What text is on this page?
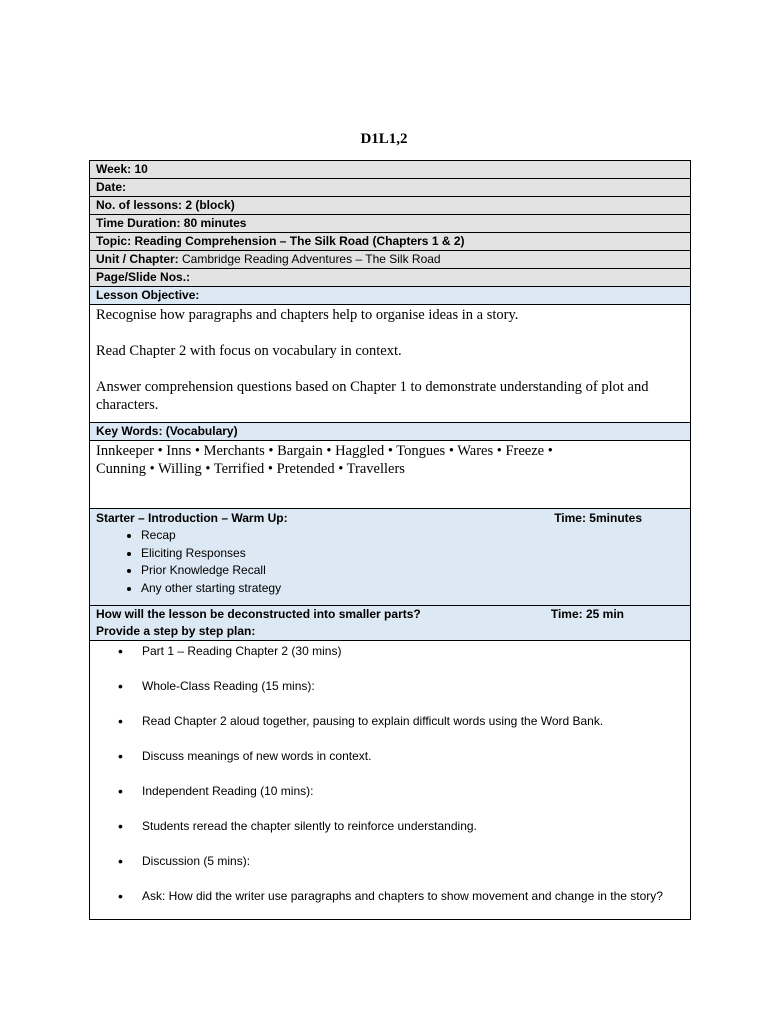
D1L1,2
Week: 10
Date:
No. of lessons: 2 (block)
Time Duration: 80 minutes
Topic: Reading Comprehension – The Silk Road (Chapters 1 & 2)
Unit / Chapter: Cambridge Reading Adventures – The Silk Road
Page/Slide Nos.:
Lesson Objective:

Recognise how paragraphs and chapters help to organise ideas in a story.

Read Chapter 2 with focus on vocabulary in context.

Answer comprehension questions based on Chapter 1 to demonstrate understanding of plot and characters.

Key Words: (Vocabulary)

Innkeeper • Inns • Merchants • Bargain • Haggled • Tongues • Wares • Freeze •
Cunning • Willing • Terrified • Pretended • Travellers

Starter – Introduction – Warm Up:	Time: 5minutes
• Recap
• Eliciting Responses
• Prior Knowledge Recall
• Any other starting strategy

How will the lesson be deconstructed into smaller parts?	Time: 25 min
Provide a step by step plan:

• Part 1 – Reading Chapter 2 (30 mins)
• Whole-Class Reading (15 mins):
• Read Chapter 2 aloud together, pausing to explain difficult words using the Word Bank.
• Discuss meanings of new words in context.
• Independent Reading (10 mins):
• Students reread the chapter silently to reinforce understanding.
• Discussion (5 mins):
• Ask: How did the writer use paragraphs and chapters to show movement and change in the story?
